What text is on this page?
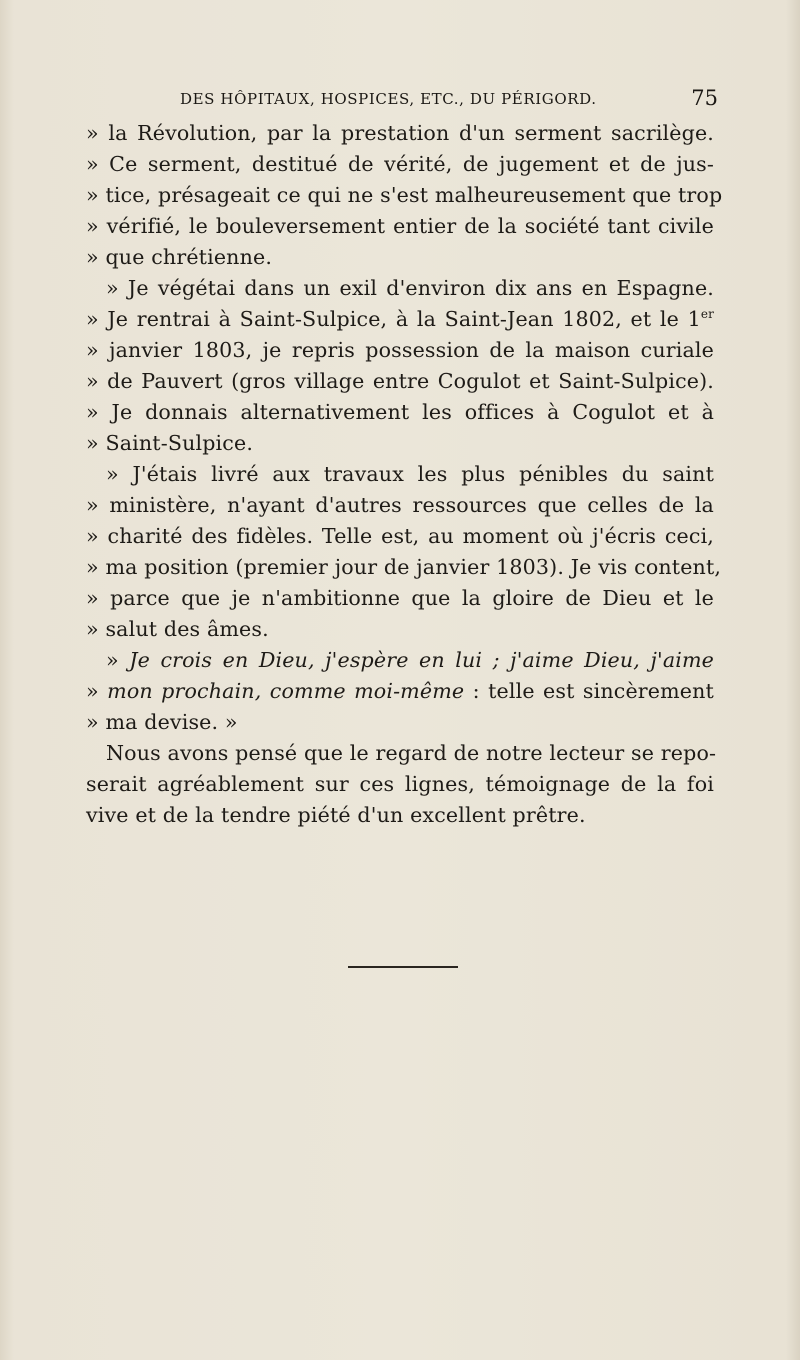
DES HÔPITAUX, HOSPICES, ETC., DU PÉRIGORD.	75
» la Révolution, par la prestation d'un serment sacrilège.
» Ce serment, destitué de vérité, de jugement et de jus-
» tice, présageait ce qui ne s'est malheureusement que trop
» vérifié, le bouleversement entier de la société tant civile
» que chrétienne.
» Je végétai dans un exil d'environ dix ans en Espagne.
» Je rentrai à Saint-Sulpice, à la Saint-Jean 1802, et le 1er
» janvier 1803, je repris possession de la maison curiale
» de Pauvert (gros village entre Cogulot et Saint-Sulpice).
» Je donnais alternativement les offices à Cogulot et à
» Saint-Sulpice.
» J'étais livré aux travaux les plus pénibles du saint
» ministère, n'ayant d'autres ressources que celles de la
» charité des fidèles. Telle est, au moment où j'écris ceci,
» ma position (premier jour de janvier 1803). Je vis content,
» parce que je n'ambitionne que la gloire de Dieu et le
» salut des âmes.
» Je crois en Dieu, j'espère en lui ; j'aime Dieu, j'aime
» mon prochain, comme moi-même : telle est sincèrement
» ma devise. »
Nous avons pensé que le regard de notre lecteur se repo-
serait agréablement sur ces lignes, témoignage de la foi
vive et de la tendre piété d'un excellent prêtre.
